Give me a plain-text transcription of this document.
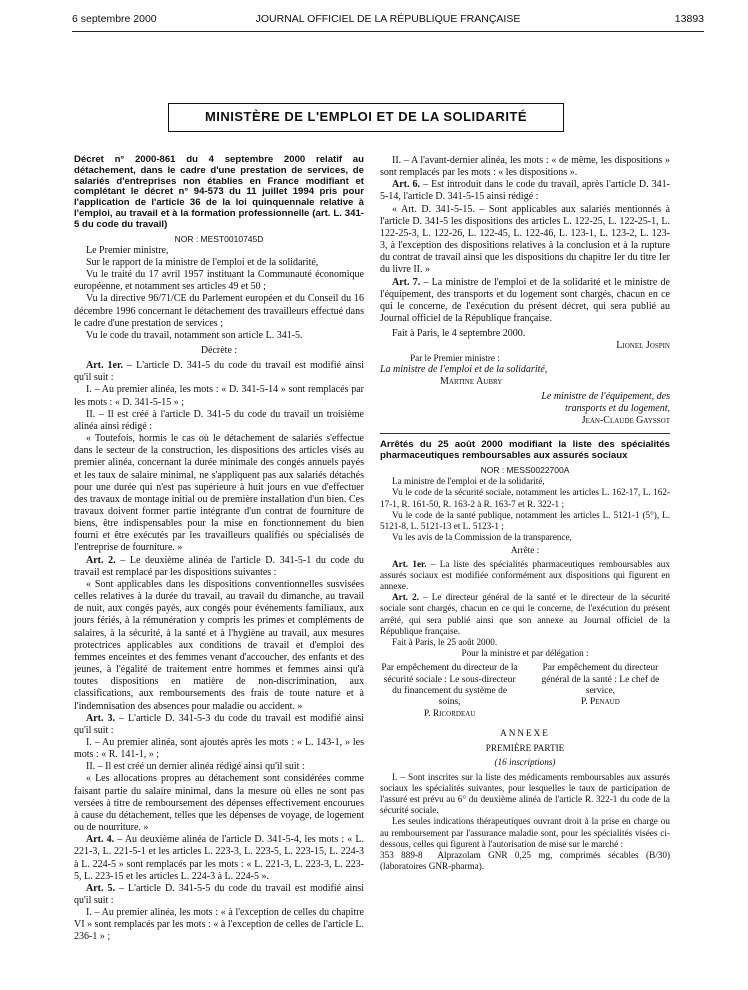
6 septembre 2000	JOURNAL OFFICIEL DE LA RÉPUBLIQUE FRANÇAISE	13893
MINISTÈRE DE L'EMPLOI ET DE LA SOLIDARITÉ

Décret n° 2000-861 du 4 septembre 2000 relatif au détachement, dans le cadre d'une prestation de services, de salariés d'entreprises non établies en France modifiant et complétant le décret n° 94-573 du 11 juillet 1994 pris pour l'application de l'article 36 de la loi quinquennale relative à l'emploi, au travail et à la formation professionnelle (art. L. 341-5 du code du travail)

NOR : MEST0010745D

Le Premier ministre,

Sur le rapport de la ministre de l'emploi et de la solidarité,

Vu le traité du 17 avril 1957 instituant la Communauté économique européenne, et notamment ses articles 49 et 50 ;

Vu la directive 96/71/CE du Parlement européen et du Conseil du 16 décembre 1996 concernant le détachement des travailleurs effectué dans le cadre d'une prestation de services ;

Vu le code du travail, notamment son article L. 341-5.

Décrète :

Art. 1er. – L'article D. 341-5 du code du travail est modifié ainsi qu'il suit :

I. – Au premier alinéa, les mots : « D. 341-5-14 » sont remplacés par les mots : « D. 341-5-15 » ;

II. – Il est créé à l'article D. 341-5 du code du travail un troisième alinéa ainsi rédigé :

« Toutefois, hormis le cas où le détachement de salariés s'effectue dans le secteur de la construction, les dispositions des articles visés au premier alinéa, concernant la durée minimale des congés annuels payés et les taux de salaire minimal, ne s'appliquent pas aux salariés détachés pour une durée qui n'est pas supérieure à huit jours en vue d'effectuer des travaux de montage initial ou de première installation d'un bien. Ces travaux doivent former partie intégrante d'un contrat de fourniture de biens, être indispensables pour la mise en fonctionnement du bien fourni et être exécutés par les travailleurs qualifiés ou spécialisés de l'entreprise de fourniture. »

Art. 2. – Le deuxième alinéa de l'article D. 341-5-1 du code du travail est remplacé par les dispositions suivantes :

« Sont applicables dans les dispositions conventionnelles susvisées celles relatives à la durée du travail, au travail du dimanche, au travail de nuit, aux congés payés, aux congés pour événements familiaux, aux jours fériés, à la rémunération y compris les primes et compléments de salaires, à la sécurité, à la santé et à l'hygiène au travail, aux mesures protectrices applicables aux conditions de travail et d'emploi des femmes enceintes et des femmes venant d'accoucher, des enfants et des jeunes, à l'égalité de traitement entre hommes et femmes ainsi qu'à toutes dispositions en matière de non-discrimination, aux classifications, aux remboursements des frais de toute nature et à l'indemnisation des absences pour maladie ou accident. »

Art. 3. – L'article D. 341-5-3 du code du travail est modifié ainsi qu'il suit :

I. – Au premier alinéa, sont ajoutés après les mots : « L. 143-1, » les mots : « R. 141-1, » ;

II. – Il est créé un dernier alinéa rédigé ainsi qu'il suit :

« Les allocations propres au détachement sont considérées comme faisant partie du salaire minimal, dans la mesure où elles ne sont pas versées à titre de remboursement des dépenses effectivement encourues à cause du détachement, telles que les dépenses de voyage, de logement ou de nourriture. »

Art. 4. – Au deuxième alinéa de l'article D. 341-5-4, les mots : « L. 221-3, L. 221-5-1 et les articles L. 223-3, L. 223-5, L. 223-15, L. 224-3 à L. 224-5 » sont remplacés par les mots : « L. 221-3, L. 223-3, L. 223-5, L. 223-15 et les articles L. 224-3 à L. 224-5 ».

Art. 5. – L'article D. 341-5-5 du code du travail est modifié ainsi qu'il suit :

I. – Au premier alinéa, les mots : « à l'exception de celles du chapitre VI » sont remplacés par les mots : « à l'exception de celles de l'article L. 236-1 » ;

II. – A l'avant-dernier alinéa, les mots : « de même, les dispositions » sont remplacés par les mots : « les dispositions ».

Art. 6. – Est introduit dans le code du travail, après l'article D. 341-5-14, l'article D. 341-5-15 ainsi rédigé :

« Art. D. 341-5-15. – Sont applicables aux salariés mentionnés à l'article D. 341-5 les dispositions des articles L. 122-25, L. 122-25-1, L. 122-25-3, L. 122-26, L. 122-45, L. 122-46, L. 123-1, L. 123-2, L. 123-3, à l'exception des dispositions relatives à la conclusion et à la rupture du contrat de travail ainsi que les dispositions du chapitre Ier du titre Ier du livre II. »

Art. 7. – La ministre de l'emploi et de la solidarité et le ministre de l'équipement, des transports et du logement sont chargés, chacun en ce qui le concerne, de l'exécution du présent décret, qui sera publié au Journal officiel de la République française.

Fait à Paris, le 4 septembre 2000.

Lionel Jospin

Par le Premier ministre :

La ministre de l'emploi et de la solidarité,

Martine Aubry

Le ministre de l'équipement, des transports et du logement,

Jean-Claude Gayssot

Arrêtés du 25 août 2000 modifiant la liste des spécialités pharmaceutiques remboursables aux assurés sociaux

NOR : MESS0022700A

La ministre de l'emploi et de la solidarité,

Vu le code de la sécurité sociale, notamment les articles L. 162-17, L. 162-17-1, R. 161-50, R. 163-2 à R. 163-7 et R. 322-1 ;

Vu le code de la santé publique, notamment les articles L. 5121-1 (5°), L. 5121-8, L. 5121-13 et L. 5123-1 ;

Vu les avis de la Commission de la transparence,

Arrête :

Art. 1er. – La liste des spécialités pharmaceutiques remboursables aux assurés sociaux est modifiée conformément aux dispositions qui figurent en annexe.

Art. 2. – Le directeur général de la santé et le directeur de la sécurité sociale sont chargés, chacun en ce qui le concerne, de l'exécution du présent arrêté, qui sera publié ainsi que son annexe au Journal officiel de la République française.

Fait à Paris, le 25 août 2000.

Pour la ministre et par délégation :

Par empêchement du directeur de la sécurité sociale : Le sous-directeur du financement du système de soins,

P. Ricordeau

Par empêchement du directeur général de la santé : Le chef de service,

P. Penaud

ANNEXE

PREMIÈRE PARTIE

(16 inscriptions)

I. – Sont inscrites sur la liste des médicaments remboursables aux assurés sociaux les spécialités suivantes, pour lesquelles le taux de participation de l'assuré est prévu au 6° du deuxième alinéa de l'article R. 322-1 du code de la sécurité sociale.

Les seules indications thérapeutiques ouvrant droit à la prise en charge ou au remboursement par l'assurance maladie sont, pour les spécialités visées ci-dessous, celles qui figurent à l'autorisation de mise sur le marché :

353 889-8 Alprazolam GNR 0,25 mg, comprimés sécables (B/30) (laboratoires GNR-pharma).
